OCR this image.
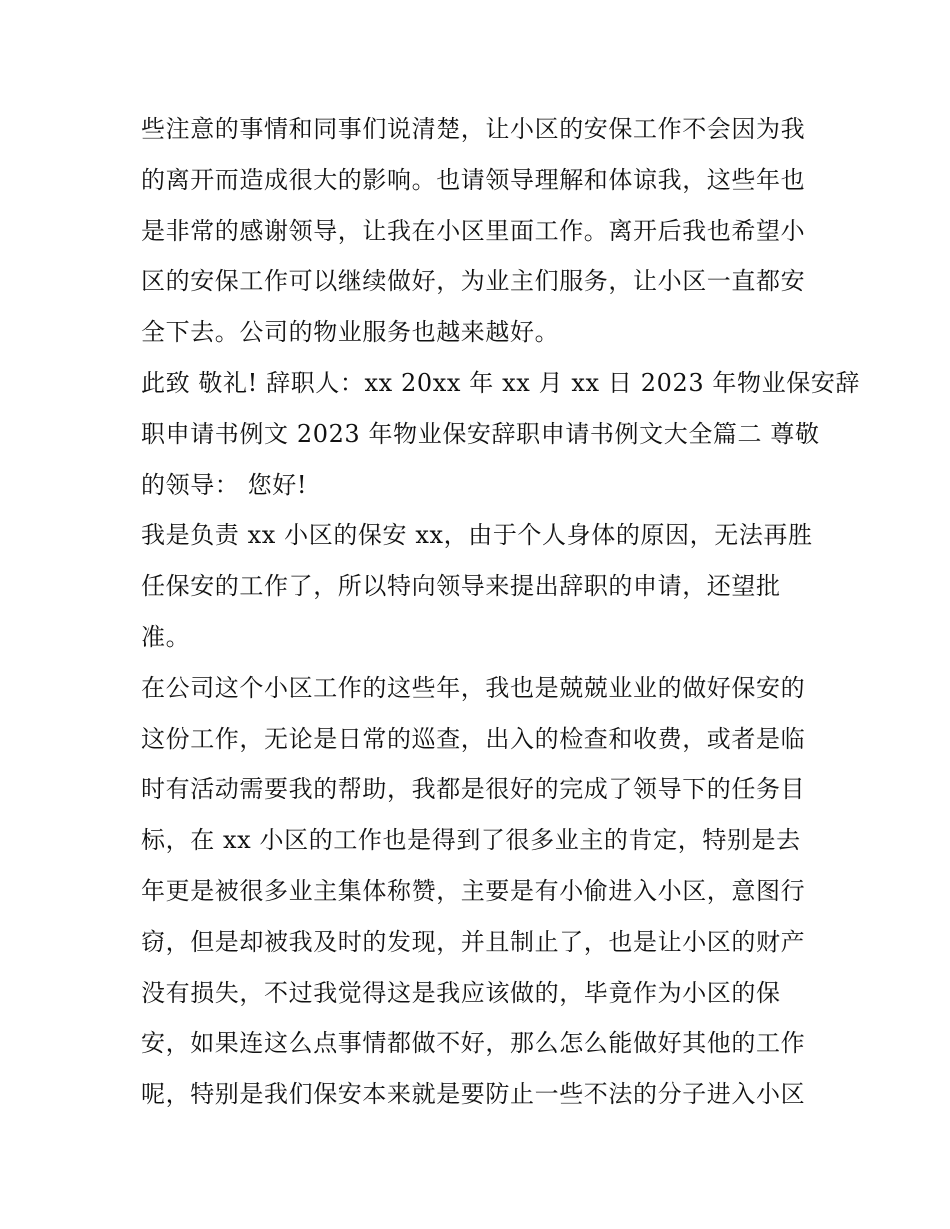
些注意的事情和同事们说清楚，让小区的安保工作不会因为我
的离开而造成很大的影响。也请领导理解和体谅我，这些年也
是非常的感谢领导，让我在小区里面工作。离开后我也希望小
区的安保工作可以继续做好，为业主们服务，让小区一直都安
全下去。公司的物业服务也越来越好。
此致 敬礼! 辞职人：xx 20xx 年 xx 月 xx 日 2023 年物业保安辞
职申请书例文 2023 年物业保安辞职申请书例文大全篇二 尊敬
的领导： 您好!
我是负责 xx 小区的保安 xx，由于个人身体的原因，无法再胜
任保安的工作了，所以特向领导来提出辞职的申请，还望批
准。
在公司这个小区工作的这些年，我也是兢兢业业的做好保安的
这份工作，无论是日常的巡查，出入的检查和收费，或者是临
时有活动需要我的帮助，我都是很好的完成了领导下的任务目
标，在 xx 小区的工作也是得到了很多业主的肯定，特别是去
年更是被很多业主集体称赞，主要是有小偷进入小区，意图行
窃，但是却被我及时的发现，并且制止了，也是让小区的财产
没有损失，不过我觉得这是我应该做的，毕竟作为小区的保
安，如果连这么点事情都做不好，那么怎么能做好其他的工作
呢，特别是我们保安本来就是要防止一些不法的分子进入小区
